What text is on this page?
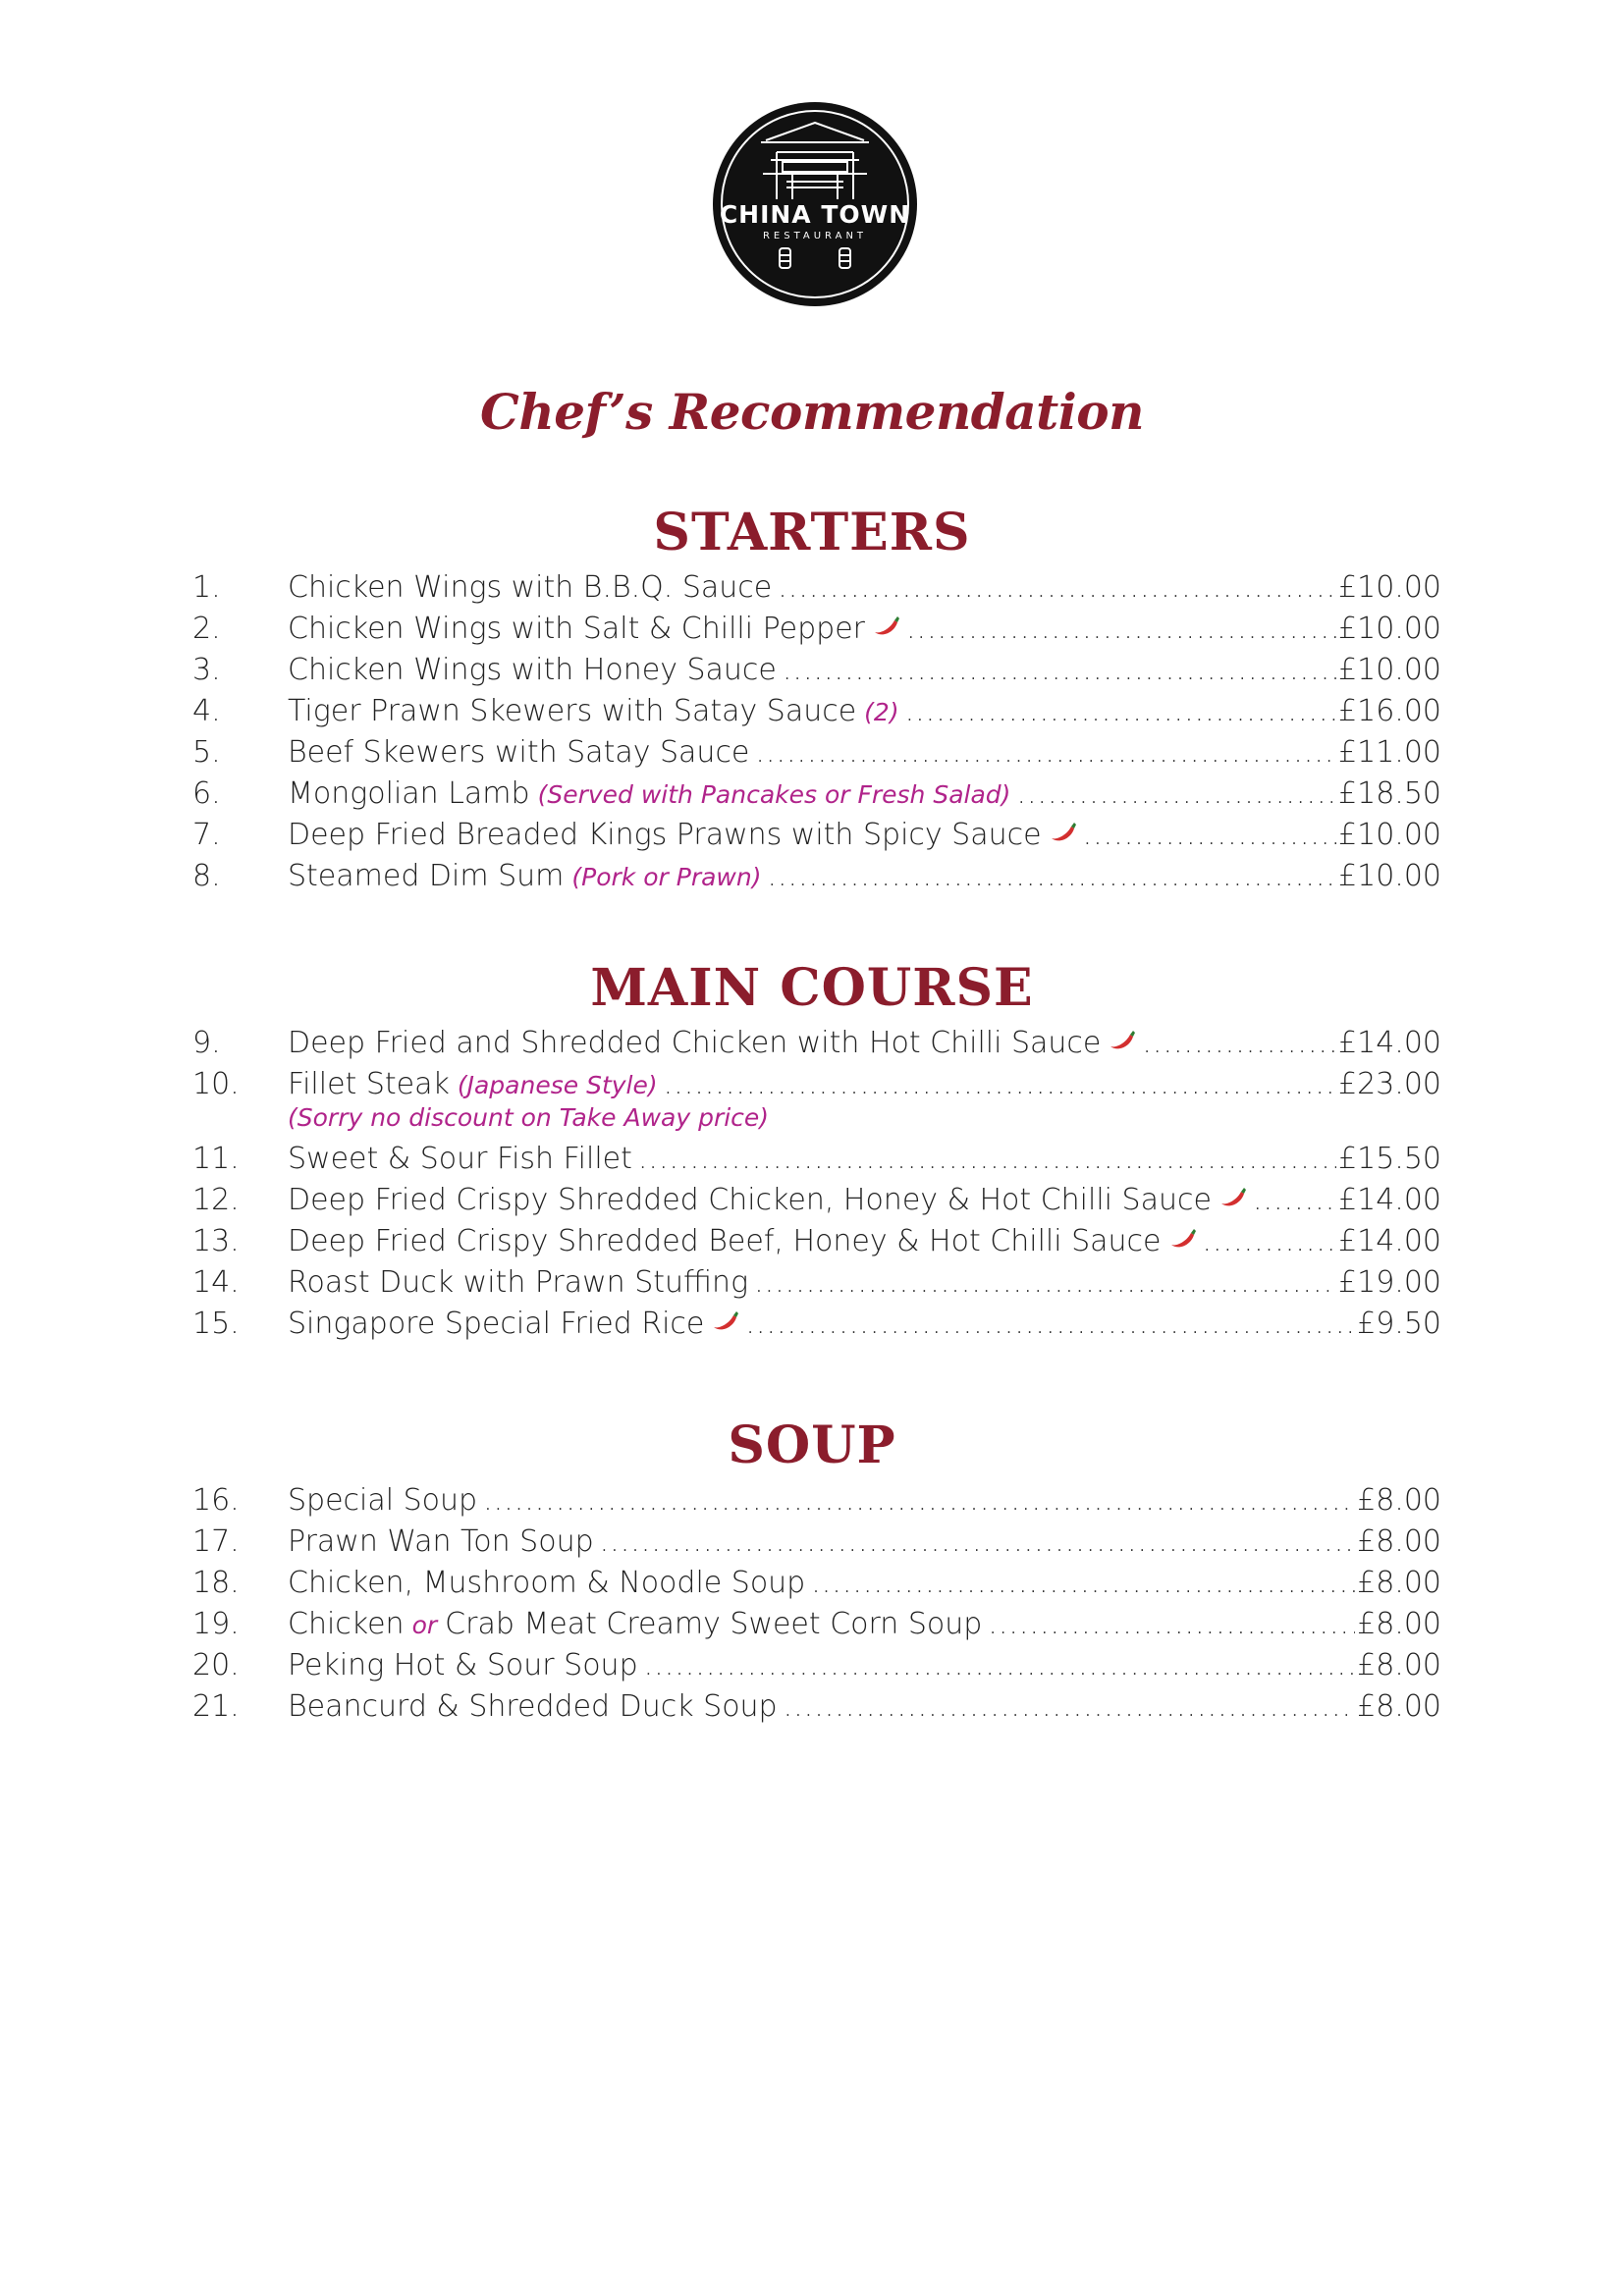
CHINA TOWN
RESTAURANT
Chef’s Recommendation
STARTERS
1. Chicken Wings with B.B.Q. Sauce .....	£10.00
2. Chicken Wings with Salt & Chilli Pepper .....	£10.00
3. Chicken Wings with Honey Sauce .....	£10.00
4. Tiger Prawn Skewers with Satay Sauce (2) .....	£16.00
5. Beef Skewers with Satay Sauce .....	£11.00
6. Mongolian Lamb (Served with Pancakes or Fresh Salad) .....	£18.50
7. Deep Fried Breaded Kings Prawns with Spicy Sauce .....	£10.00
8. Steamed Dim Sum (Pork or Prawn) .....	£10.00
MAIN COURSE
9. Deep Fried and Shredded Chicken with Hot Chilli Sauce .....	£14.00
10. Fillet Steak (Japanese Style) .....	£23.00
(Sorry no discount on Take Away price)
11. Sweet & Sour Fish Fillet .....	£15.50
12. Deep Fried Crispy Shredded Chicken, Honey & Hot Chilli Sauce .....	£14.00
13. Deep Fried Crispy Shredded Beef, Honey & Hot Chilli Sauce .....	£14.00
14. Roast Duck with Prawn Stuffing .....	£19.00
15. Singapore Special Fried Rice .....	£9.50
SOUP
16. Special Soup .....	£8.00
17. Prawn Wan Ton Soup .....	£8.00
18. Chicken, Mushroom & Noodle Soup .....	£8.00
19. Chicken or Crab Meat Creamy Sweet Corn Soup .....	£8.00
20. Peking Hot & Sour Soup .....	£8.00
21. Beancurd & Shredded Duck Soup .....	£8.00
